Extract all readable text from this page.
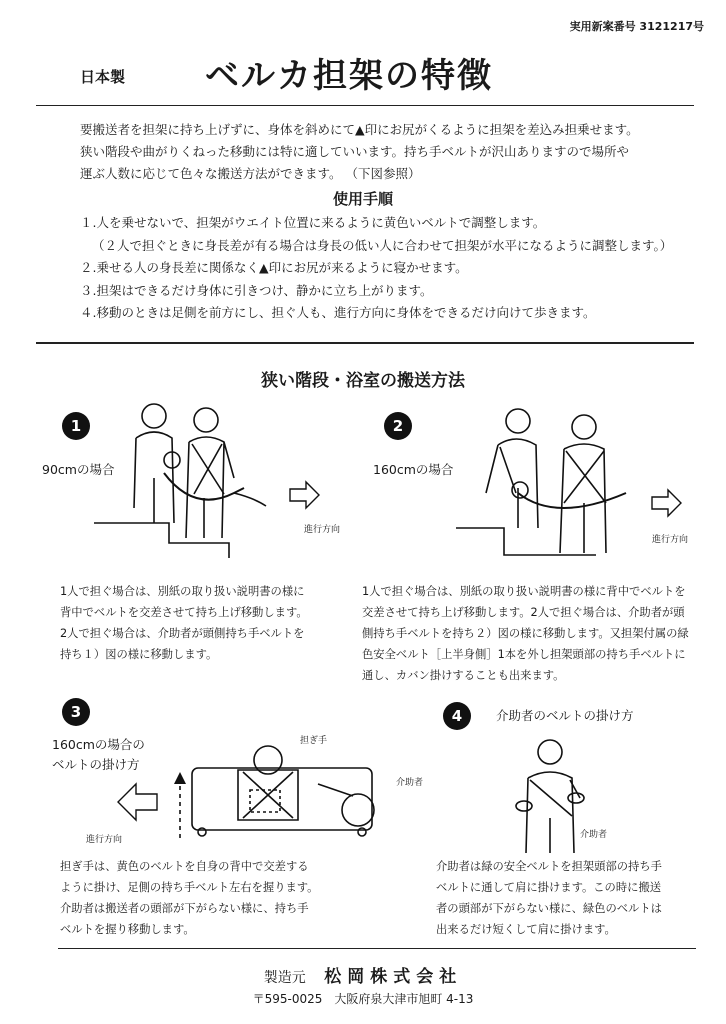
実用新案番号 3121217号
日本製 ベルカ担架の特徴

要搬送者を担架に持ち上げずに、身体を斜めにて▲印にお尻がくるように担架を差込み担乗せます。

狭い階段や曲がりくねった移動には特に適していいます。持ち手ベルトが沢山ありますので場所や

運ぶ人数に応じて色々な搬送方法ができます。 （下図参照）

使用手順
１.人を乗せないで、担架がウエイト位置に来るように黄色いベルトで調整します。
（２人で担ぐときに身長差が有る場合は身長の低い人に合わせて担架が水平になるように調整します。）
２.乗せる人の身長差に関係なく▲印にお尻が来るように寝かせます。
３.担架はできるだけ身体に引きつけ、静かに立ち上がります。
４.移動のときは足側を前方にし、担ぐ人も、進行方向に身体をできるだけ向けて歩きます。
狭い階段・浴室の搬送方法
1
90cmの場合
進行方向
1人で担ぐ場合は、別紙の取り扱い説明書の様に
背中でベルトを交差させて持ち上げ移動します。
2人で担ぐ場合は、介助者が頭側持ち手ベルトを
持ち１）図の様に移動します。
2
160cmの場合
進行方向
1人で担ぐ場合は、別紙の取り扱い説明書の様に背中でベルトを
交差させて持ち上げ移動します。2人で担ぐ場合は、介助者が頭
側持ち手ベルトを持ち２）図の様に移動します。又担架付属の緑
色安全ベルト［上半身側］1本を外し担架頭部の持ち手ベルトに
通し、カバン掛けすることも出来ます。
3
160cmの場合の
ベルトの掛け方
進行方向
担ぎ手
介助者
担ぎ手は、黄色のベルトを自身の背中で交差する
ように掛け、足側の持ち手ベルト左右を握ります。
介助者は搬送者の頭部が下がらない様に、持ち手
ベルトを握り移動します。
4	介助者のベルトの掛け方
介助者
介助者は緑の安全ベルトを担架頭部の持ち手
ベルトに通して肩に掛けます。この時に搬送
者の頭部が下がらない様に、緑色のベルトは
出来るだけ短くして肩に掛けます。
製造元 松岡株式会社
〒595-0025　大阪府泉大津市旭町 4-13
